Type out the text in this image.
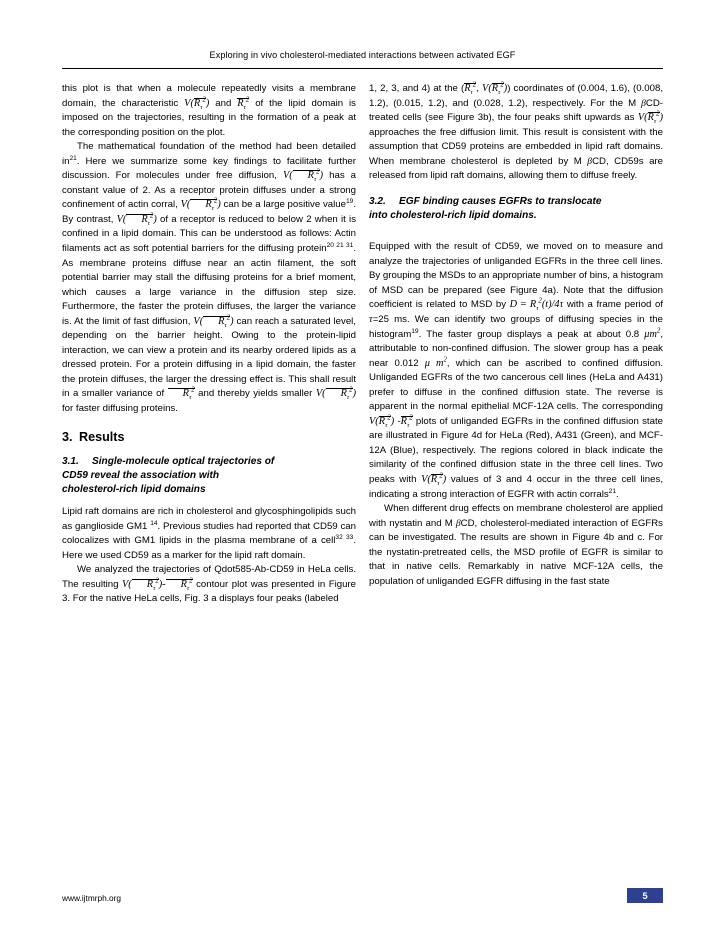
Exploring in vivo cholesterol-mediated interactions between activated EGF

this plot is that when a molecule repeatedly visits a membrane domain, the characteristic $V(R_\tau^2)$ and $R_\tau^2$ of the lipid domain is imposed on the trajectories, resulting in the formation of a peak at the corresponding position on the plot.

The mathematical foundation of the method had been detailed $in^{21}$. Here we summarize some key findings to facilitate further discussion. For molecules under free diffusion, V( $R_\tau^2$) has a constant value of 2. As a receptor protein diffuses under a strong confinement of actin corral, V( $R_\tau^2$) can be a large positive value$^{19}$. By contrast, V( $R_\tau^2$) of a receptor is reduced to below 2 when it is confined in a lipid domain. This can be understood as follows: Actin filaments act as soft potential barriers for the diffusing protein$^{20 21 31}$. As membrane proteins diffuse near an actin filament, the soft potential barrier may stall the diffusing proteins for a brief moment, which causes a large variance in the diffusion step size. Furthermore, the faster the protein diffuses, the larger the variance is. At the limit of fast diffusion, V( $R_\tau^2$) can reach a saturated level, depending on the barrier height. Owing to the protein-lipid interaction, we can view a protein and its nearby ordered lipids as a dressed protein. For a protein diffusing in a lipid domain, the faster the protein diffuses, the larger the dressing effect is. This shall result in a smaller variance of $R_\tau^2$ and thereby yields smaller V( $R_\tau^2$) for faster diffusing proteins.

3. Results
3.1. Single-molecule optical trajectories of
CD59 reveal the association with
cholesterol-rich lipid domains

Lipid raft domains are rich in cholesterol and glycosphingolipids such as ganglioside GM1 $^{14}$. Previous studies had reported that CD59 can colocalizes with GM1 lipids in the plasma membrane of a cell$^{32 33}$. Here we used CD59 as a marker for the lipid raft domain.

We analyzed the trajectories of Qdot585-Ab-CD59 in HeLa cells. The resulting V( $R_\tau^2)-$ $R_\tau^2$ contour plot was presented in Figure 3. For the native HeLa cells, Fig. 3 a displays four peaks (labeled

1, 2, 3, and 4) at the ($R_\tau^2$, $V(R_\tau^2)$) coordinates of (0.004, 1.6), (0.008, 1.2), (0.015, 1.2), and (0.028, 1.2), respectively. For the M βCD-treated cells (see Figure 3b), the four peaks shift upwards as $V(R_\tau^2)$ approaches the free diffusion limit. This result is consistent with the assumption that CD59 proteins are embedded in lipid raft domains. When membrane cholesterol is depleted by M βCD, CD59s are released from lipid raft domains, allowing them to diffuse freely.

3.2. EGF binding causes EGFRs to translocate
into cholesterol-rich lipid domains.

Equipped with the result of CD59, we moved on to measure and analyze the trajectories of unliganded EGFRs in the three cell lines. By grouping the MSDs to an appropriate number of bins, a histogram of MSD can be prepared (see Figure 4a). Note that the diffusion coefficient is related to MSD by $D = R_\tau^2(t)/4\tau$ with a frame period of τ=25 ms. We can identify two groups of diffusing species in the histogram$^{19}$. The faster group displays a peak at about 0.8 $\mu m^2$, attributable to non-confined diffusion. The slower group has a peak near 0.012 μ $m^2$, which can be ascribed to confined diffusion. Unliganded EGFRs of the two cancerous cell lines (HeLa and A431) prefer to diffuse in the confined diffusion state. The reverse is apparent in the normal epithelial MCF-12A cells. The corresponding $V(R_\tau^2)$ $-R_\tau^2$ plots of unliganded EGFRs in the confined diffusion state are illustrated in Figure 4d for HeLa (Red), A431 (Green), and MCF-12A (Blue), respectively. The regions colored in black indicate the similarity of the confined diffusion state in the three cell lines. Two peaks with $V(R_\tau^2)$ values of 3 and 4 occur in the three cell lines, indicating a strong interaction of EGFR with actin corrals$^{21}$.

When different drug effects on membrane cholesterol are applied with nystatin and M βCD, cholesterol-mediated interaction of EGFRs can be investigated. The results are shown in Figure 4b and c. For the nystatin-pretreated cells, the MSD profile of EGFR is similar to that in native cells. Remarkably in native MCF-12A cells, the population of unliganded EGFR diffusing in the fast state

www.ijtmrph.org	5
